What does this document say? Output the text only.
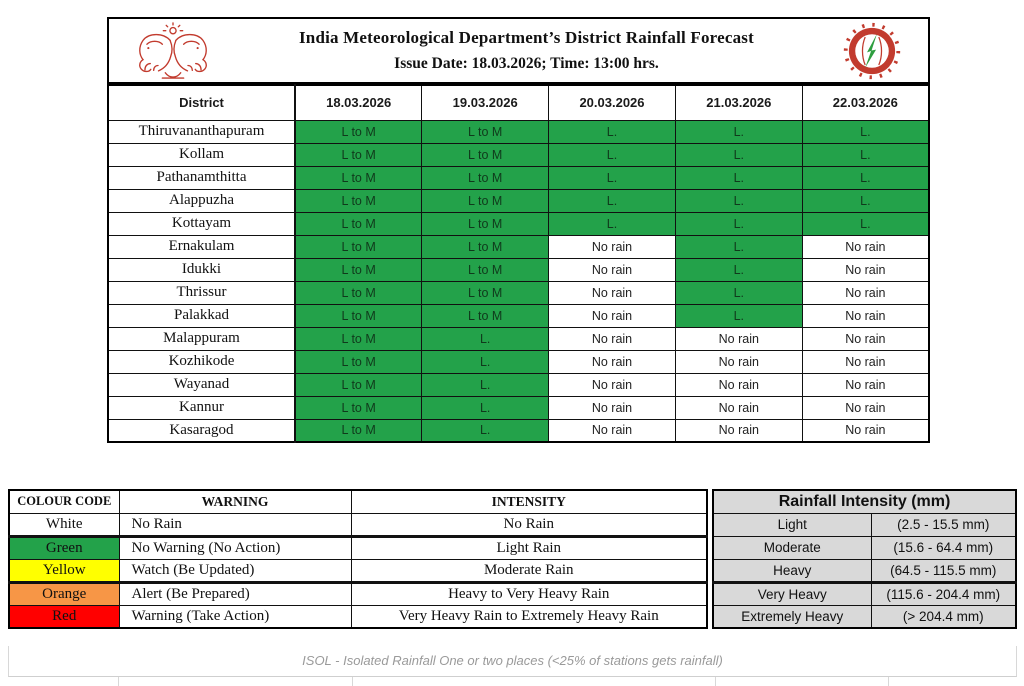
India Meteorological Department’s District Rainfall Forecast
Issue Date: 18.03.2026; Time: 13:00 hrs.
District	18.03.2026	19.03.2026	20.03.2026	21.03.2026	22.03.2026
Thiruvananthapuram	L to M	L to M	L.	L.	L.
Kollam	L to M	L to M	L.	L.	L.
Pathanamthitta	L to M	L to M	L.	L.	L.
Alappuzha	L to M	L to M	L.	L.	L.
Kottayam	L to M	L to M	L.	L.	L.
Ernakulam	L to M	L to M	No rain	L.	No rain
Idukki	L to M	L to M	No rain	L.	No rain
Thrissur	L to M	L to M	No rain	L.	No rain
Palakkad	L to M	L to M	No rain	L.	No rain
Malappuram	L to M	L.	No rain	No rain	No rain
Kozhikode	L to M	L.	No rain	No rain	No rain
Wayanad	L to M	L.	No rain	No rain	No rain
Kannur	L to M	L.	No rain	No rain	No rain
Kasaragod	L to M	L.	No rain	No rain	No rain
COLOUR CODE	WARNING	INTENSITY
White	No Rain	No Rain
Green	No Warning (No Action)	Light Rain
Yellow	Watch (Be Updated)	Moderate Rain
Orange	Alert (Be Prepared)	Heavy to Very Heavy Rain
Red	Warning (Take Action)	Very Heavy Rain to Extremely Heavy Rain
Rainfall Intensity (mm)	
Light	(2.5 - 15.5 mm)
Moderate	(15.6 - 64.4 mm)
Heavy	(64.5 - 115.5 mm)
Very Heavy	(115.6 - 204.4 mm)
Extremely Heavy	(> 204.4 mm)
ISOL - Isolated Rainfall One or two places (<25% of stations gets rainfall)
